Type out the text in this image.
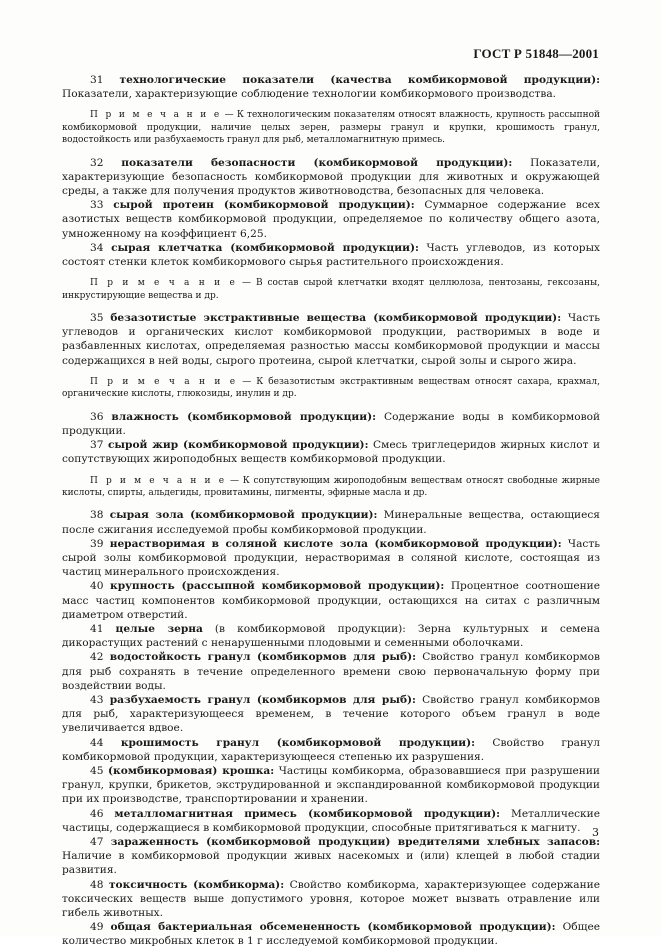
ГОСТ Р 51848—2001

31 технологические показатели (качества комбикормовой продукции): Показатели, характеризующие соблюдение технологии комбикормового производства.

П р и м е ч а н и е — К технологическим показателям относят влажность, крупность рассыпной комбикормовой продукции, наличие целых зерен, размеры гранул и крупки, крошимость гранул, водостойкость или разбухаемость гранул для рыб, металломагнитную примесь.

32 показатели безопасности (комбикормовой продукции): Показатели, характеризующие безопасность комбикормовой продукции для животных и окружающей среды, а также для получения продуктов животноводства, безопасных для человека.

33 сырой протеин (комбикормовой продукции): Суммарное содержание всех азотистых веществ комбикормовой продукции, определяемое по количеству общего азота, умноженному на коэффициент 6,25.

34 сырая клетчатка (комбикормовой продукции): Часть углеводов, из которых состоят стенки клеток комбикормового сырья растительного происхождения.

П р и м е ч а н и е — В состав сырой клетчатки входят целлюлоза, пентозаны, гексозаны, инкрустирующие вещества и др.

35 безазотистые экстрактивные вещества (комбикормовой продукции): Часть углеводов и органических кислот комбикормовой продукции, растворимых в воде и разбавленных кислотах, определяемая разностью массы комбикормовой продукции и массы содержащихся в ней воды, сырого протеина, сырой клетчатки, сырой золы и сырого жира.

П р и м е ч а н и е — К безазотистым экстрактивным веществам относят сахара, крахмал, органические кислоты, глюкозиды, инулин и др.

36 влажность (комбикормовой продукции): Содержание воды в комбикормовой продукции.

37 сырой жир (комбикормовой продукции): Смесь триглецеридов жирных кислот и сопутствующих жироподобных веществ комбикормовой продукции.

П р и м е ч а н и е — К сопутствующим жироподобным веществам относят свободные жирные кислоты, спирты, альдегиды, провитамины, пигменты, эфирные масла и др.

38 сырая зола (комбикормовой продукции): Минеральные вещества, остающиеся после сжигания исследуемой пробы комбикормовой продукции.

39 нерастворимая в соляной кислоте зола (комбикормовой продукции): Часть сырой золы комбикормовой продукции, нерастворимая в соляной кислоте, состоящая из частиц минерального происхождения.

40 крупность (рассыпной комбикормовой продукции): Процентное соотношение масс частиц компонентов комбикормовой продукции, остающихся на ситах с различным диаметром отверстий.

41 целые зерна (в комбикормовой продукции): Зерна культурных и семена дикорастущих растений с ненарушенными плодовыми и семенными оболочками.

42 водостойкость гранул (комбикормов для рыб): Свойство гранул комбикормов для рыб сохранять в течение определенного времени свою первоначальную форму при воздействии воды.

43 разбухаемость гранул (комбикормов для рыб): Свойство гранул комбикормов для рыб, характеризующееся временем, в течение которого объем гранул в воде увеличивается вдвое.

44 крошимость гранул (комбикормовой продукции): Свойство гранул комбикормовой продукции, характеризующееся степенью их разрушения.

45 (комбикормовая) крошка: Частицы комбикорма, образовавшиеся при разрушении гранул, крупки, брикетов, экструдированной и экспандированной комбикормовой продукции при их производстве, транспортировании и хранении.

46 металломагнитная примесь (комбикормовой продукции): Металлические частицы, содержащиеся в комбикормовой продукции, способные притягиваться к магниту.

47 зараженность (комбикормовой продукции) вредителями хлебных запасов: Наличие в комбикормовой продукции живых насекомых и (или) клещей в любой стадии развития.

48 токсичность (комбикорма): Свойство комбикорма, характеризующее содержание токсических веществ выше допустимого уровня, которое может вызвать отравление или гибель животных.

49 общая бактериальная обсемененность (комбикормовой продукции): Общее количество микробных клеток в 1 г исследуемой комбикормовой продукции.

3
